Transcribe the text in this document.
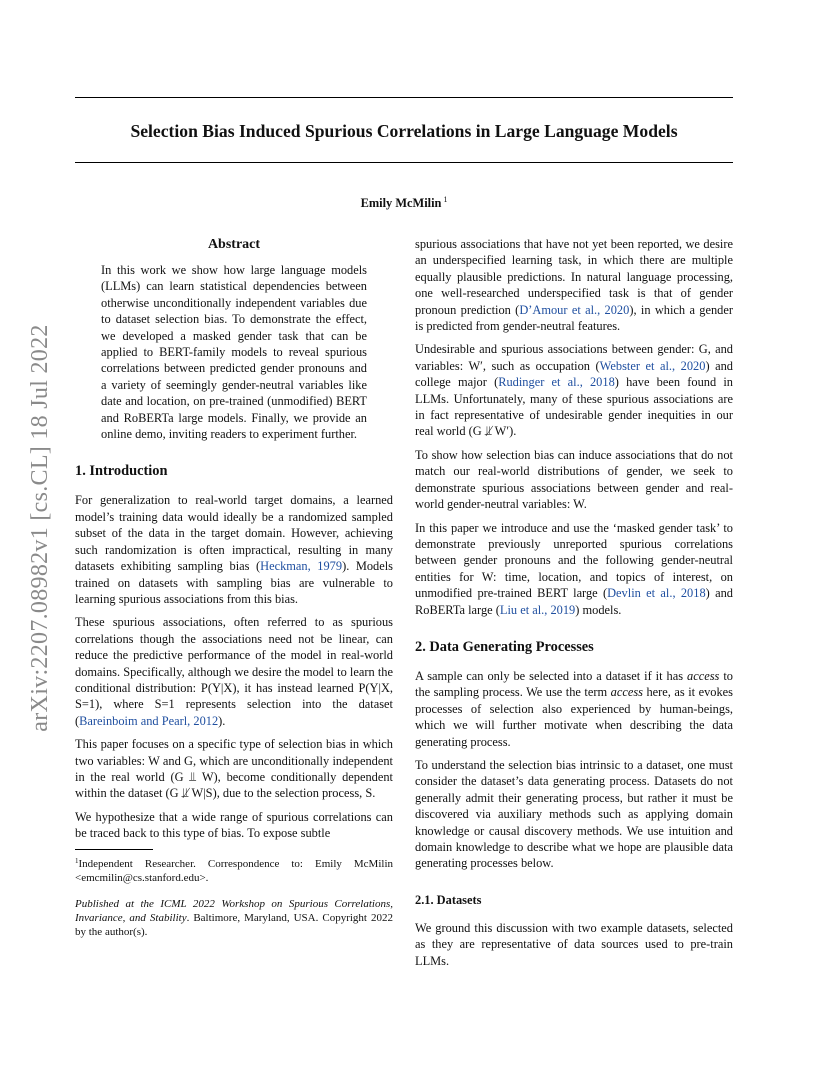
arXiv:2207.08982v1 [cs.CL] 18 Jul 2022
Selection Bias Induced Spurious Correlations in Large Language Models
Emily McMilin $^1$
Abstract

In this work we show how large language models (LLMs) can learn statistical dependencies between otherwise unconditionally independent variables due to dataset selection bias. To demonstrate the effect, we developed a masked gender task that can be applied to BERT-family models to reveal spurious correlations between predicted gender pronouns and a variety of seemingly gender-neutral variables like date and location, on pre-trained (unmodified) BERT and RoBERTa large models. Finally, we provide an online demo, inviting readers to experiment further.

1. Introduction

For generalization to real-world target domains, a learned model’s training data would ideally be a randomized sampled subset of the data in the target domain. However, achieving such randomization is often impractical, resulting in many datasets exhibiting sampling bias (Heckman, 1979). Models trained on datasets with sampling bias are vulnerable to learning spurious associations from this bias.

These spurious associations, often referred to as spurious correlations though the associations need not be linear, can reduce the predictive performance of the model in real-world domains. Specifically, although we desire the model to learn the conditional distribution: P(Y|X), it has instead learned P(Y|X, S=1), where S=1 represents selection into the dataset (Bareinboim and Pearl, 2012).

This paper focuses on a specific type of selection bias in which two variables: W and G, which are unconditionally independent in the real world (G ⫫ W), become conditionally dependent within the dataset (G ⫫̸ W|S), due to the selection process, S.

We hypothesize that a wide range of spurious correlations can be traced back to this type of bias. To expose subtle

$^1$Independent Researcher. Correspondence to: Emily McMilin <emcmilin@cs.stanford.edu>.

Published at the ICML 2022 Workshop on Spurious Correlations, Invariance, and Stability. Baltimore, Maryland, USA. Copyright 2022 by the author(s).

spurious associations that have not yet been reported, we desire an underspecified learning task, in which there are multiple equally plausible predictions. In natural language processing, one well-researched underspecified task is that of gender pronoun prediction (D’Amour et al., 2020), in which a gender is predicted from gender-neutral features.

Undesirable and spurious associations between gender: G, and variables: W′, such as occupation (Webster et al., 2020) and college major (Rudinger et al., 2018) have been found in LLMs. Unfortunately, many of these spurious associations are in fact representative of undesirable gender inequities in our real world (G ⫫̸ W′).

To show how selection bias can induce associations that do not match our real-world distributions of gender, we seek to demonstrate spurious associations between gender and real-world gender-neutral variables: W.

In this paper we introduce and use the ‘masked gender task’ to demonstrate previously unreported spurious correlations between gender pronouns and the following gender-neutral entities for W: time, location, and topics of interest, on unmodified pre-trained BERT large (Devlin et al., 2018) and RoBERTa large (Liu et al., 2019) models.

2. Data Generating Processes

A sample can only be selected into a dataset if it has access to the sampling process. We use the term access here, as it evokes processes of selection also experienced by human-beings, which we will further motivate when describing the data generating process.

To understand the selection bias intrinsic to a dataset, one must consider the dataset’s data generating process. Datasets do not generally admit their generating process, but rather it must be discovered via auxiliary methods such as applying domain knowledge or causal discovery methods. We use intuition and domain knowledge to describe what we hope are plausible data generating processes below.

2.1. Datasets

We ground this discussion with two example datasets, selected as they are representative of data sources used to pre-train LLMs.
